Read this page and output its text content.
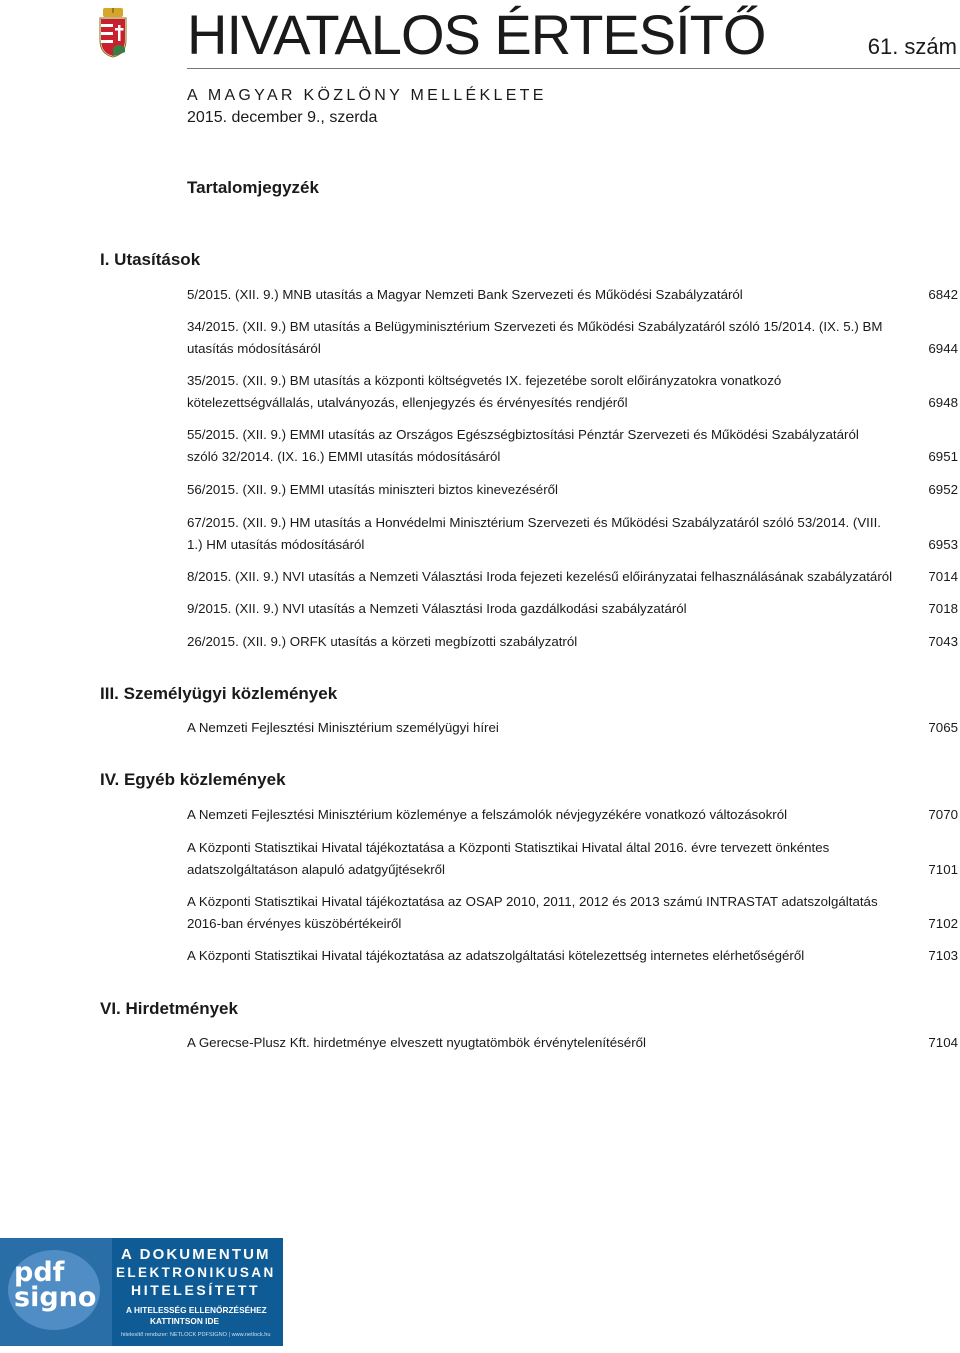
HIVATALOS ÉRTESÍTŐ	61. szám
A MAGYAR KÖZLÖNY MELLÉKLETE
2015. december 9., szerda
Tartalomjegyzék
I. Utasítások
5/2015. (XII. 9.) MNB utasítás a Magyar Nemzeti Bank Szervezeti és Működési Szabályzatáról	6842
34/2015. (XII. 9.) BM utasítás a Belügyminisztérium Szervezeti és Működési Szabályzatáról szóló 15/2014. (IX. 5.) BM utasítás módosításáról	6944
35/2015. (XII. 9.) BM utasítás a központi költségvetés IX. fejezetébe sorolt előirányzatokra vonatkozó kötelezettségvállalás, utalványozás, ellenjegyzés és érvényesítés rendjéről	6948
55/2015. (XII. 9.) EMMI utasítás az Országos Egészségbiztosítási Pénztár Szervezeti és Működési Szabályzatáról szóló 32/2014. (IX. 16.) EMMI utasítás módosításáról	6951
56/2015. (XII. 9.) EMMI utasítás miniszteri biztos kinevezéséről	6952
67/2015. (XII. 9.) HM utasítás a Honvédelmi Minisztérium Szervezeti és Működési Szabályzatáról szóló 53/2014. (VIII. 1.) HM utasítás módosításáról	6953
8/2015. (XII. 9.) NVI utasítás a Nemzeti Választási Iroda fejezeti kezelésű előirányzatai felhasználásának szabályzatáról	7014
9/2015. (XII. 9.) NVI utasítás a Nemzeti Választási Iroda gazdálkodási szabályzatáról	7018
26/2015. (XII. 9.) ORFK utasítás a körzeti megbízotti szabályzatról	7043
III. Személyügyi közlemények
A Nemzeti Fejlesztési Minisztérium személyügyi hírei	7065
IV. Egyéb közlemények
A Nemzeti Fejlesztési Minisztérium közleménye a felszámolók névjegyzékére vonatkozó változásokról	7070
A Központi Statisztikai Hivatal tájékoztatása a Központi Statisztikai Hivatal által 2016. évre tervezett önkéntes adatszolgáltatáson alapuló adatgyűjtésekről	7101
A Központi Statisztikai Hivatal tájékoztatása az OSAP 2010, 2011, 2012 és 2013 számú INTRASTAT adatszolgáltatás 2016-ban érvényes küszöbértékeiről	7102
A Központi Statisztikai Hivatal tájékoztatása az adatszolgáltatási kötelezettség internetes elérhetőségéről	7103
VI. Hirdetmények
A Gerecse-Plusz Kft. hirdetménye elveszett nyugtatömbök érvénytelenítéséről	7104
pdf signo
A DOKUMENTUM
ELEKTRONIKUSAN
HITELESÍTETT
A HITELESSÉG ELLENŐRZÉSÉHEZ
KATTINTSON IDE
hitelesítő rendszer: NETLOCK PDFSIGNO | www.netlock.hu
